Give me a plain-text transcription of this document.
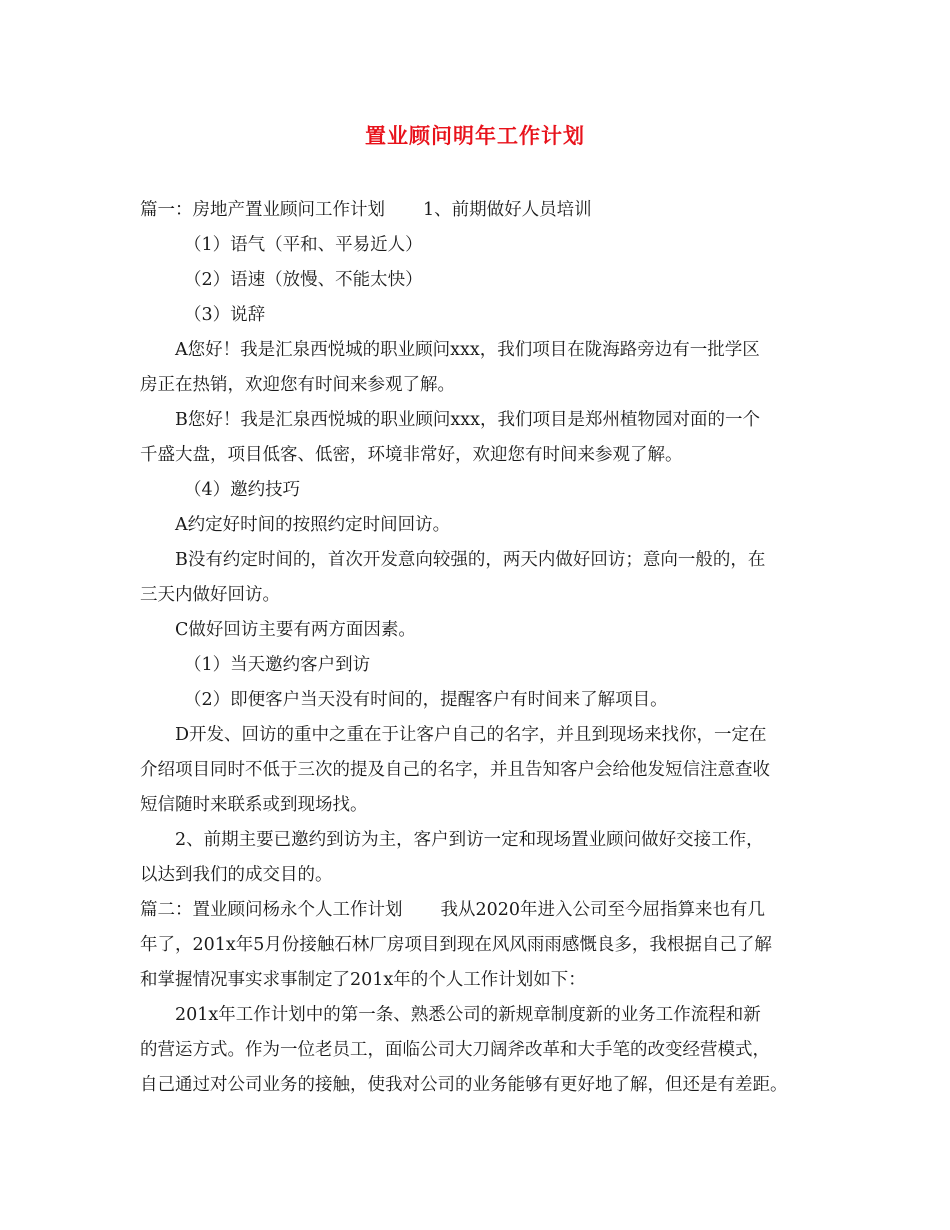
置业顾问明年工作计划

篇一：房地产置业顾问工作计划 1、前期做好人员培训

（1）语气（平和、平易近人）

（2）语速（放慢、不能太快）

（3）说辞

A您好！我是汇泉西悦城的职业顾问xxx，我们项目在陇海路旁边有一批学区

房正在热销，欢迎您有时间来参观了解。

B您好！我是汇泉西悦城的职业顾问xxx，我们项目是郑州植物园对面的一个

千盛大盘，项目低客、低密，环境非常好，欢迎您有时间来参观了解。

（4）邀约技巧

A约定好时间的按照约定时间回访。

B没有约定时间的，首次开发意向较强的，两天内做好回访；意向一般的，在

三天内做好回访。

C做好回访主要有两方面因素。

（1）当天邀约客户到访

（2）即便客户当天没有时间的，提醒客户有时间来了解项目。

D开发、回访的重中之重在于让客户自己的名字，并且到现场来找你，一定在

介绍项目同时不低于三次的提及自己的名字，并且告知客户会给他发短信注意查收

短信随时来联系或到现场找。

2、前期主要已邀约到访为主，客户到访一定和现场置业顾问做好交接工作，

以达到我们的成交目的。

篇二：置业顾问杨永个人工作计划 我从2020年进入公司至今屈指算来也有几

年了，201x年5月份接触石林厂房项目到现在风风雨雨感慨良多，我根据自己了解

和掌握情况事实求事制定了201x年的个人工作计划如下：

201x年工作计划中的第一条、熟悉公司的新规章制度新的业务工作流程和新

的营运方式。作为一位老员工，面临公司大刀阔斧改革和大手笔的改变经营模式，

自己通过对公司业务的接触，使我对公司的业务能够有更好地了解，但还是有差距。
